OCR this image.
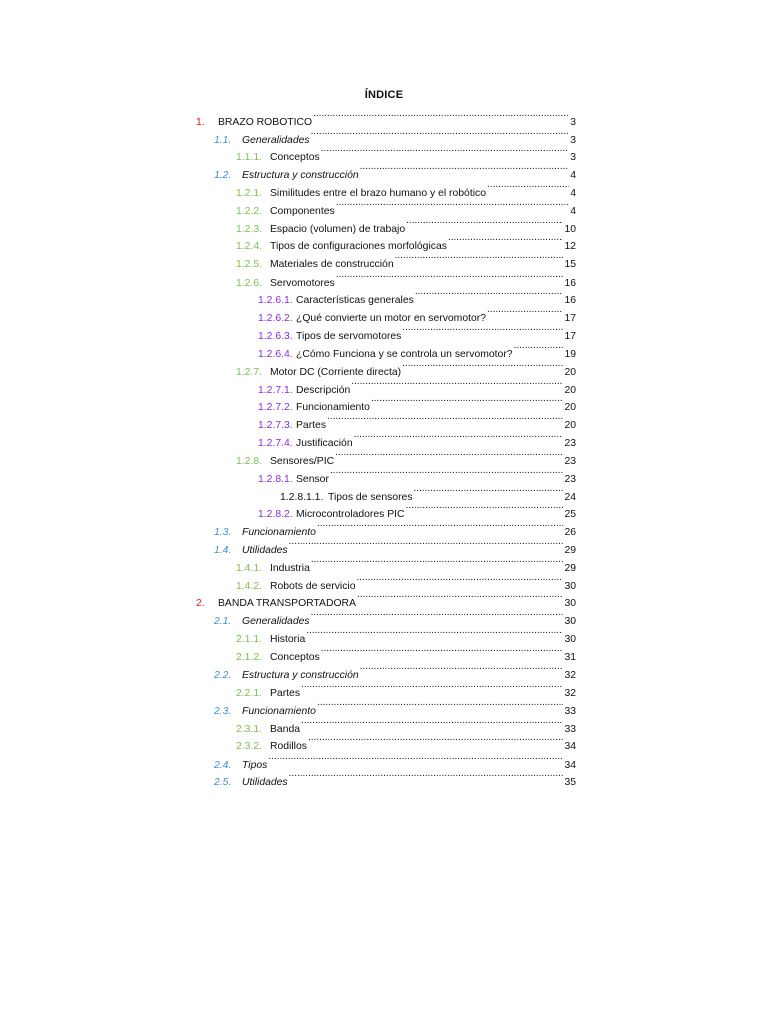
ÍNDICE
1.	BRAZO ROBOTICO .....	3
1.1.	Generalidades .....	3
1.1.1. Conceptos .....	3
1.2.	Estructura y construcción .....	4
1.2.1. Similitudes entre el brazo humano y el robótico .....	4
1.2.2. Componentes .....	4
1.2.3. Espacio (volumen) de trabajo .....	10
1.2.4. Tipos de configuraciones morfológicas .....	12
1.2.5. Materiales de construcción .....	15
1.2.6. Servomotores .....	16
1.2.6.1. Características generales .....	16
1.2.6.2. ¿Qué convierte un motor en servomotor? .....	17
1.2.6.3. Tipos de servomotores .....	17
1.2.6.4. ¿Cómo Funciona y se controla un servomotor? .....	19
1.2.7. Motor DC (Corriente directa) .....	20
1.2.7.1. Descripción .....	20
1.2.7.2. Funcionamiento .....	20
1.2.7.3. Partes .....	20
1.2.7.4. Justificación .....	23
1.2.8. Sensores/PIC .....	23
1.2.8.1. Sensor .....	23
1.2.8.1.1. Tipos de sensores .....	24
1.2.8.2. Microcontroladores PIC .....	25
1.3.	Funcionamiento .....	26
1.4.	Utilidades .....	29
1.4.1. Industria .....	29
1.4.2. Robots de servicio .....	30
2.	BANDA TRANSPORTADORA .....	30
2.1.	Generalidades .....	30
2.1.1. Historia .....	30
2.1.2. Conceptos .....	31
2.2.	Estructura y construcción .....	32
2.2.1. Partes .....	32
2.3.	Funcionamiento .....	33
2.3.1. Banda .....	33
2.3.2. Rodillos .....	34
2.4.	Tipos .....	34
2.5.	Utilidades .....	35
